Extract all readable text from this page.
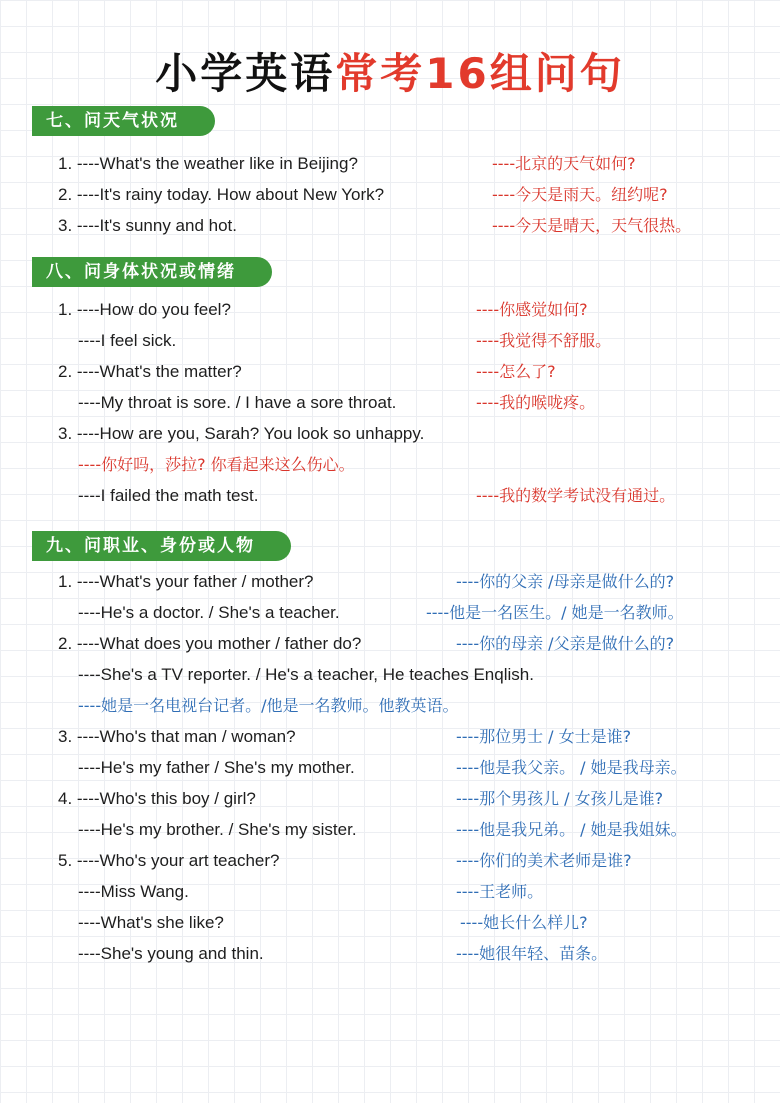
小学英语常考16组问句
七、问天气状况
1. ----What's the weather like in Beijing?	----北京的天气如何?
2. ----It's rainy today. How about New York?	----今天是雨天。纽约呢?
3. ----It's sunny and hot.	----今天是晴天，天气很热。
八、问身体状况或情绪
1. ----How do you feel?	----你感觉如何?
----I feel sick.	----我觉得不舒服。
2. ----What's the matter?	----怎么了?
----My throat is sore. / I have a sore throat.	----我的喉咙疼。
3. ----How are you, Sarah? You look so unhappy.
----你好吗，莎拉? 你看起来这么伤心。
----I failed the math test.	----我的数学考试没有通过。
九、问职业、身份或人物
1. ----What's your father / mother?	----你的父亲 /母亲是做什么的?
----He's a doctor. / She's a teacher.	----他是一名医生。/ 她是一名教师。
2. ----What does you mother / father do?	----你的母亲 /父亲是做什么的?
----She's a TV reporter. / He's a teacher, He teaches Enqlish.
----她是一名电视台记者。/他是一名教师。他教英语。
3. ----Who's that man / woman?	----那位男士 / 女士是谁?
----He's my father / She's my mother.	----他是我父亲。 / 她是我母亲。
4. ----Who's this boy / girl?	----那个男孩儿 / 女孩儿是谁?
----He's my brother. / She's my sister.	----他是我兄弟。 / 她是我姐妹。
5. ----Who's your art teacher?	----你们的美术老师是谁?
----Miss Wang.	----王老师。
----What's she like?	----她长什么样儿?
----She's young and thin.	----她很年轻、苗条。
